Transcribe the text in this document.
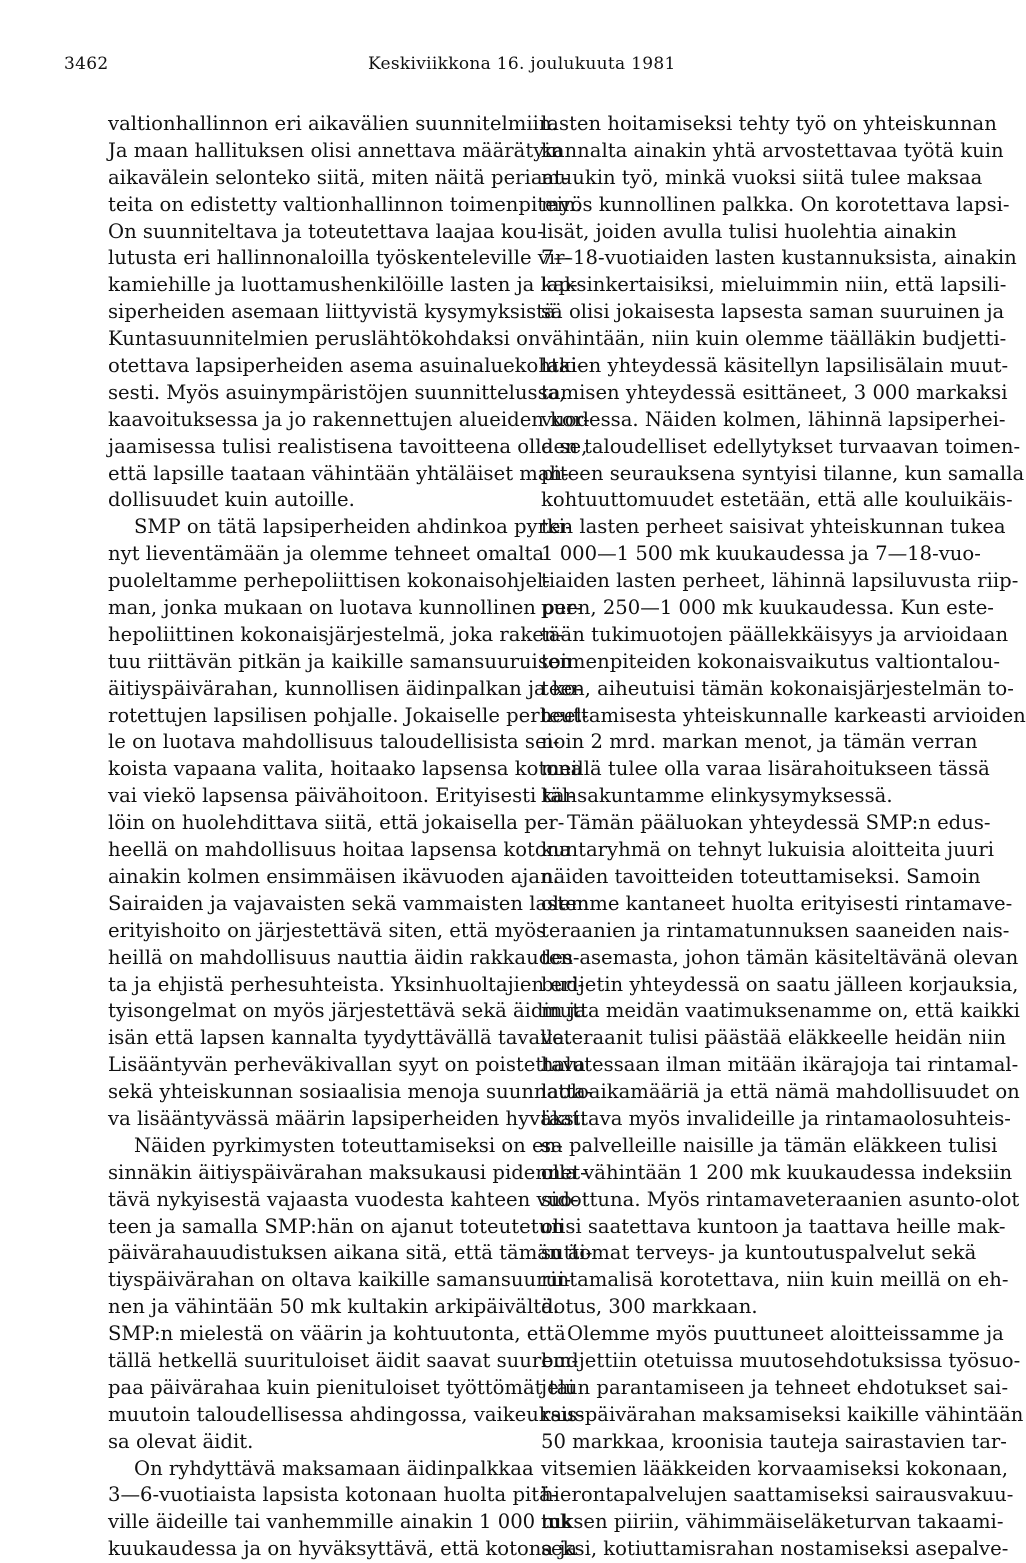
3462	Keskiviikkona 16. joulukuuta 1981
valtionhallinnon eri aikavälien suunnitelmiin.
Ja maan hallituksen olisi annettava määrätyin
aikavälein selonteko siitä, miten näitä periaat-
teita on edistetty valtionhallinnon toimenpitein.
On suunniteltava ja toteutettava laajaa kou-
lutusta eri hallinnonaloilla työskenteleville vir-
kamiehille ja luottamushenkilöille lasten ja lap-
siperheiden asemaan liittyvistä kysymyksistä.
Kuntasuunnitelmien peruslähtökohdaksi on
otettava lapsiperheiden asema asuinaluekohtai-
sesti. Myös asuinympäristöjen suunnittelussa,
kaavoituksessa ja jo rakennettujen alueiden kor-
jaamisessa tulisi realistisena tavoitteena olla se,
että lapsille taataan vähintään yhtäläiset mah-
dollisuudet kuin autoille.
SMP on tätä lapsiperheiden ahdinkoa pyrki-
nyt lieventämään ja olemme tehneet omalta
puoleltamme perhepoliittisen kokonaisohjel-
man, jonka mukaan on luotava kunnollinen per-
hepoliittinen kokonaisjärjestelmä, joka raken-
tuu riittävän pitkän ja kaikille samansuuruisen
äitiyspäivärahan, kunnollisen äidinpalkan ja ko-
rotettujen lapsilisen pohjalle. Jokaiselle perheel-
le on luotava mahdollisuus taloudellisista sei-
koista vapaana valita, hoitaako lapsensa kotona
vai viekö lapsensa päivähoitoon. Erityisesti täl-
löin on huolehdittava siitä, että jokaisella per-
heellä on mahdollisuus hoitaa lapsensa kotona
ainakin kolmen ensimmäisen ikävuoden ajan.
Sairaiden ja vajavaisten sekä vammaisten lasten
erityishoito on järjestettävä siten, että myös
heillä on mahdollisuus nauttia äidin rakkaudes-
ta ja ehjistä perhesuhteista. Yksinhuoltajien eri-
tyisongelmat on myös järjestettävä sekä äidin ja
isän että lapsen kannalta tyydyttävällä tavalla.
Lisääntyvän perheväkivallan syyt on poistettava
sekä yhteiskunnan sosiaalisia menoja suunnatta-
va lisääntyvässä määrin lapsiperheiden hyväksi.
Näiden pyrkimysten toteuttamiseksi on en-
sinnäkin äitiyspäivärahan maksukausi pidennet-
tävä nykyisestä vajaasta vuodesta kahteen vuo-
teen ja samalla SMP:hän on ajanut toteutetun
päivärahauudistuksen aikana sitä, että tämän äi-
tiyspäivärahan on oltava kaikille samansuurui-
nen ja vähintään 50 mk kultakin arkipäivältä.
SMP:n mielestä on väärin ja kohtuutonta, että
tällä hetkellä suurituloiset äidit saavat suurem-
paa päivärahaa kuin pienituloiset työttömät tai
muutoin taloudellisessa ahdingossa, vaikeuksis-
sa olevat äidit.
On ryhdyttävä maksamaan äidinpalkkaa
3—6-vuotiaista lapsista kotonaan huolta pitä-
ville äideille tai vanhemmille ainakin 1 000 mk
kuukaudessa ja on hyväksyttävä, että kotona ja
lasten hoitamiseksi tehty työ on yhteiskunnan
kannalta ainakin yhtä arvostettavaa työtä kuin
muukin työ, minkä vuoksi siitä tulee maksaa
myös kunnollinen palkka. On korotettava lapsi-
lisät, joiden avulla tulisi huolehtia ainakin
7—18-vuotiaiden lasten kustannuksista, ainakin
kaksinkertaisiksi, mieluimmin niin, että lapsili-
sä olisi jokaisesta lapsesta saman suuruinen ja
vähintään, niin kuin olemme täälläkin budjetti-
lakien yhteydessä käsitellyn lapsilisälain muut-
tamisen yhteydessä esittäneet, 3 000 markaksi
vuodessa. Näiden kolmen, lähinnä lapsiperhei-
den taloudelliset edellytykset turvaavan toimen-
piteen seurauksena syntyisi tilanne, kun samalla
kohtuuttomuudet estetään, että alle kouluikäis-
ten lasten perheet saisivat yhteiskunnan tukea
1 000—1 500 mk kuukaudessa ja 7—18-vuo-
tiaiden lasten perheet, lähinnä lapsiluvusta riip-
puen, 250—1 000 mk kuukaudessa. Kun este-
tään tukimuotojen päällekkäisyys ja arvioidaan
toimenpiteiden kokonaisvaikutus valtiontalou-
teen, aiheutuisi tämän kokonaisjärjestelmän to-
teuttamisesta yhteiskunnalle karkeasti arvioiden
noin 2 mrd. markan menot, ja tämän verran
meillä tulee olla varaa lisärahoitukseen tässä
kansakuntamme elinkysymyksessä.
Tämän pääluokan yhteydessä SMP:n edus-
kuntaryhmä on tehnyt lukuisia aloitteita juuri
näiden tavoitteiden toteuttamiseksi. Samoin
olemme kantaneet huolta erityisesti rintamave-
teraanien ja rintamatunnuksen saaneiden nais-
ten asemasta, johon tämän käsiteltävänä olevan
budjetin yhteydessä on saatu jälleen korjauksia,
mutta meidän vaatimuksenamme on, että kaikki
veteraanit tulisi päästää eläkkeelle heidän niin
halutessaan ilman mitään ikärajoja tai rintamal-
laoloaikamääriä ja että nämä mahdollisuudet on
taattava myös invalideille ja rintamaolosuhteis-
sa palvelleille naisille ja tämän eläkkeen tulisi
olla vähintään 1 200 mk kuukaudessa indeksiin
sidottuna. Myös rintamaveteraanien asunto-olot
olisi saatettava kuntoon ja taattava heille mak-
suttomat terveys- ja kuntoutuspalvelut sekä
rintamalisä korotettava, niin kuin meillä on eh-
dotus, 300 markkaan.
Olemme myös puuttuneet aloitteissamme ja
budjettiin otetuissa muutosehdotuksissa työsuo-
jelun parantamiseen ja tehneet ehdotukset sai-
rauspäivärahan maksamiseksi kaikille vähintään
50 markkaa, kroonisia tauteja sairastavien tar-
vitsemien lääkkeiden korvaamiseksi kokonaan,
hierontapalvelujen saattamiseksi sairausvakuu-
tuksen piiriin, vähimmäiseläketurvan takaami-
seksi, kotiuttamisrahan nostamiseksi asepalve-
